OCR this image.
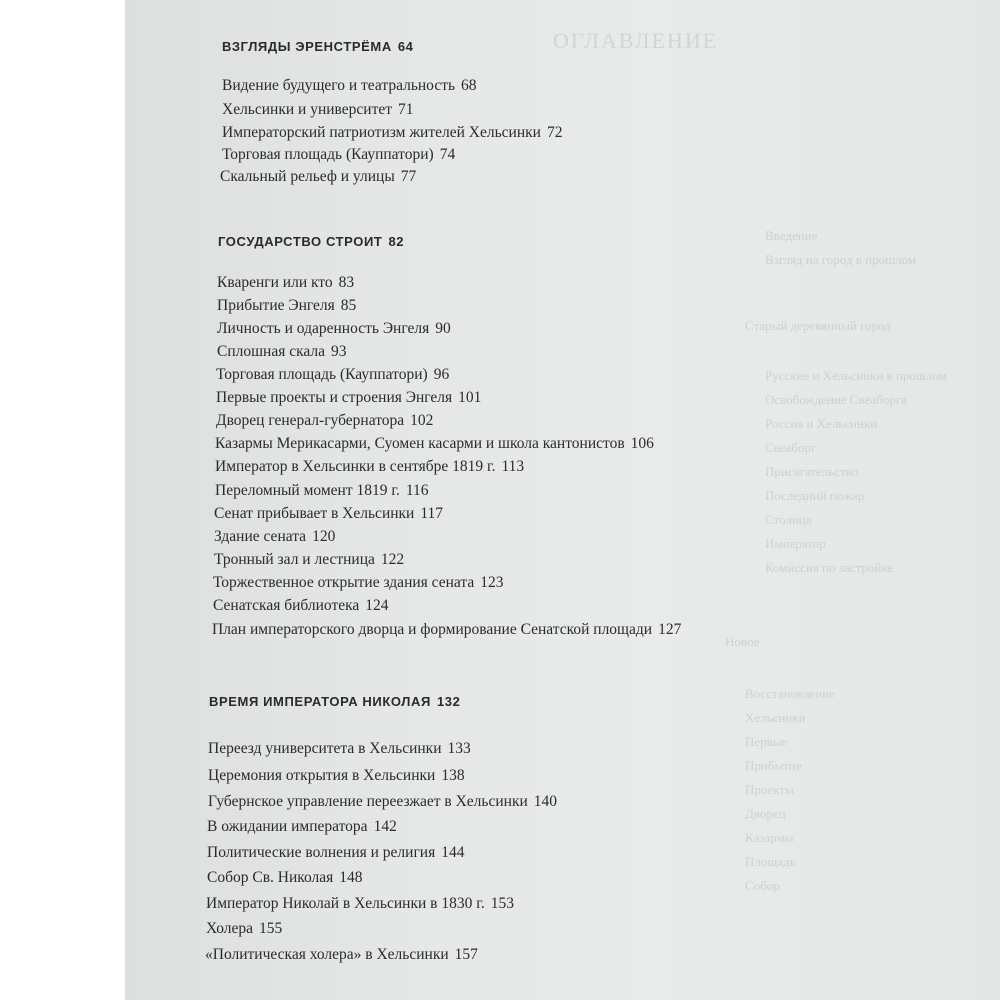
ОГЛАВЛЕНИЕ
Введение
Взгляд на город в прошлом
Старый деревянный город
Русские и Хельсинки в прошлом
Освобождение Свеаборга
Россия и Хельсинки
Свеаборг
Присягательство
Последний пожар
Столица
Император
Комиссия по застройке
Новое
Восстановление
Хельсинки
Первые
Прибытие
Проекты
Дворец
Казармы
Площадь
Собор
ВЗГЛЯДЫ ЭРЕНСТРЁМА 64
Видение будущего и театральность 68
Хельсинки и университет 71
Императорский патриотизм жителей Хельсинки 72
Торговая площадь (Кауппатори) 74
Скальный рельеф и улицы 77
ГОСУДАРСТВО СТРОИТ 82
Кваренги или кто 83
Прибытие Энгеля 85
Личность и одаренность Энгеля 90
Сплошная скала 93
Торговая площадь (Кауппатори) 96
Первые проекты и строения Энгеля 101
Дворец генерал-губернатора 102
Казармы Мерикасарми, Суомен касарми и школа кантонистов 106
Император в Хельсинки в сентябре 1819 г. 113
Переломный момент 1819 г. 116
Сенат прибывает в Хельсинки 117
Здание сената 120
Тронный зал и лестница 122
Торжественное открытие здания сената 123
Сенатская библиотека 124
План императорского дворца и формирование Сенатской площади 127
ВРЕМЯ ИМПЕРАТОРА НИКОЛАЯ 132
Переезд университета в Хельсинки 133
Церемония открытия в Хельсинки 138
Губернское управление переезжает в Хельсинки 140
В ожидании императора 142
Политические волнения и религия 144
Собор Св. Николая 148
Император Николай в Хельсинки в 1830 г. 153
Холера 155
«Политическая холера» в Хельсинки 157
